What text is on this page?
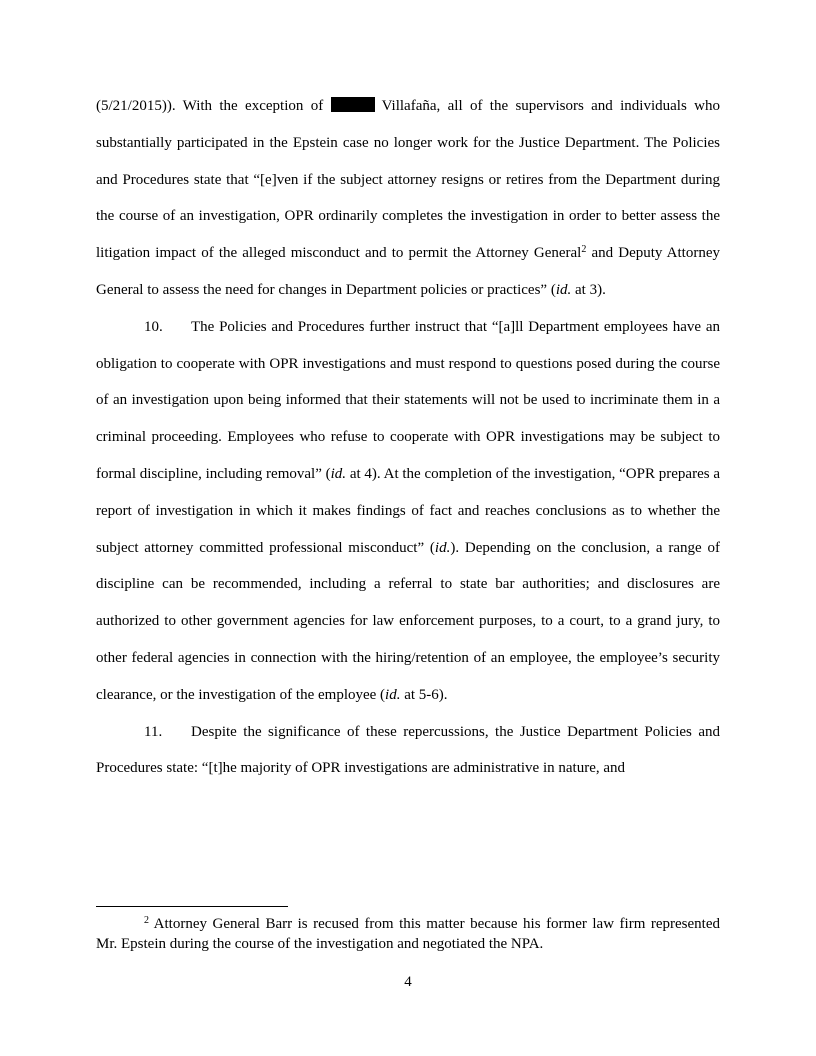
(5/21/2015)). With the exception of	Villafaña, all of the supervisors and individuals who substantially participated in the Epstein case no longer work for the Justice Department. The Policies and Procedures state that “[e]ven if the subject attorney resigns or retires from the Department during the course of an investigation, OPR ordinarily completes the investigation in order to better assess the litigation impact of the alleged misconduct and to permit the Attorney General$^2$ and Deputy Attorney General to assess the need for changes in Department policies or practices” (id. at 3).

10. The Policies and Procedures further instruct that “[a]ll Department employees have an obligation to cooperate with OPR investigations and must respond to questions posed during the course of an investigation upon being informed that their statements will not be used to incriminate them in a criminal proceeding. Employees who refuse to cooperate with OPR investigations may be subject to formal discipline, including removal” (id. at 4). At the completion of the investigation, “OPR prepares a report of investigation in which it makes findings of fact and reaches conclusions as to whether the subject attorney committed professional misconduct” (id.). Depending on the conclusion, a range of discipline can be recommended, including a referral to state bar authorities; and disclosures are authorized to other government agencies for law enforcement purposes, to a court, to a grand jury, to other federal agencies in connection with the hiring/retention of an employee, the employee’s security clearance, or the investigation of the employee (id. at 5-6).

11. Despite the significance of these repercussions, the Justice Department Policies and Procedures state: “[t]he majority of OPR investigations are administrative in nature, and

$^2$ Attorney General Barr is recused from this matter because his former law firm represented Mr. Epstein during the course of the investigation and negotiated the NPA.

4
